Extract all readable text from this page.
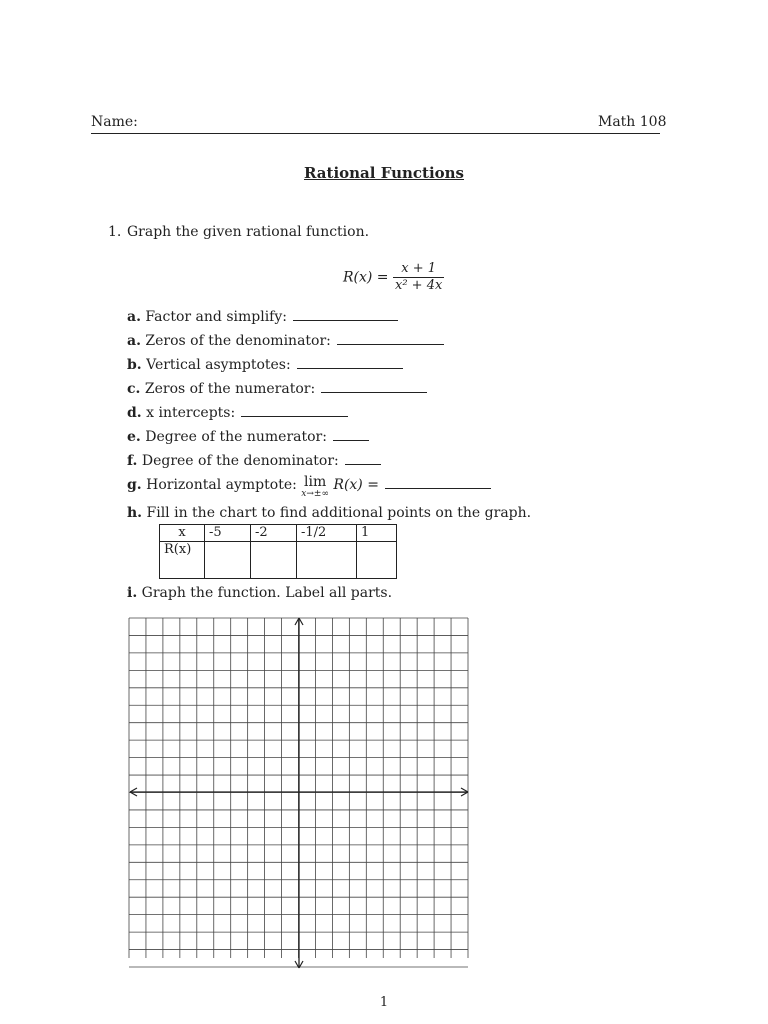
Name:	Math 108
Rational Functions
1. Graph the given rational function.
$R(x) = \frac{x + 1}{\text{x² + 4x}}$
a. Factor and simplify:
a. Zeros of the denominator:
b. Vertical asymptotes:
c. Zeros of the numerator:
d. x intercepts:
e. Degree of the numerator:
f. Degree of the denominator:
g. Horizontal aymptote: lim
x→±∞
R(x) =
h. Fill in the chart to find additional points on the graph.
x	-5	-2	-1/2	1
R(x)				
i. Graph the function. Label all parts.
1
